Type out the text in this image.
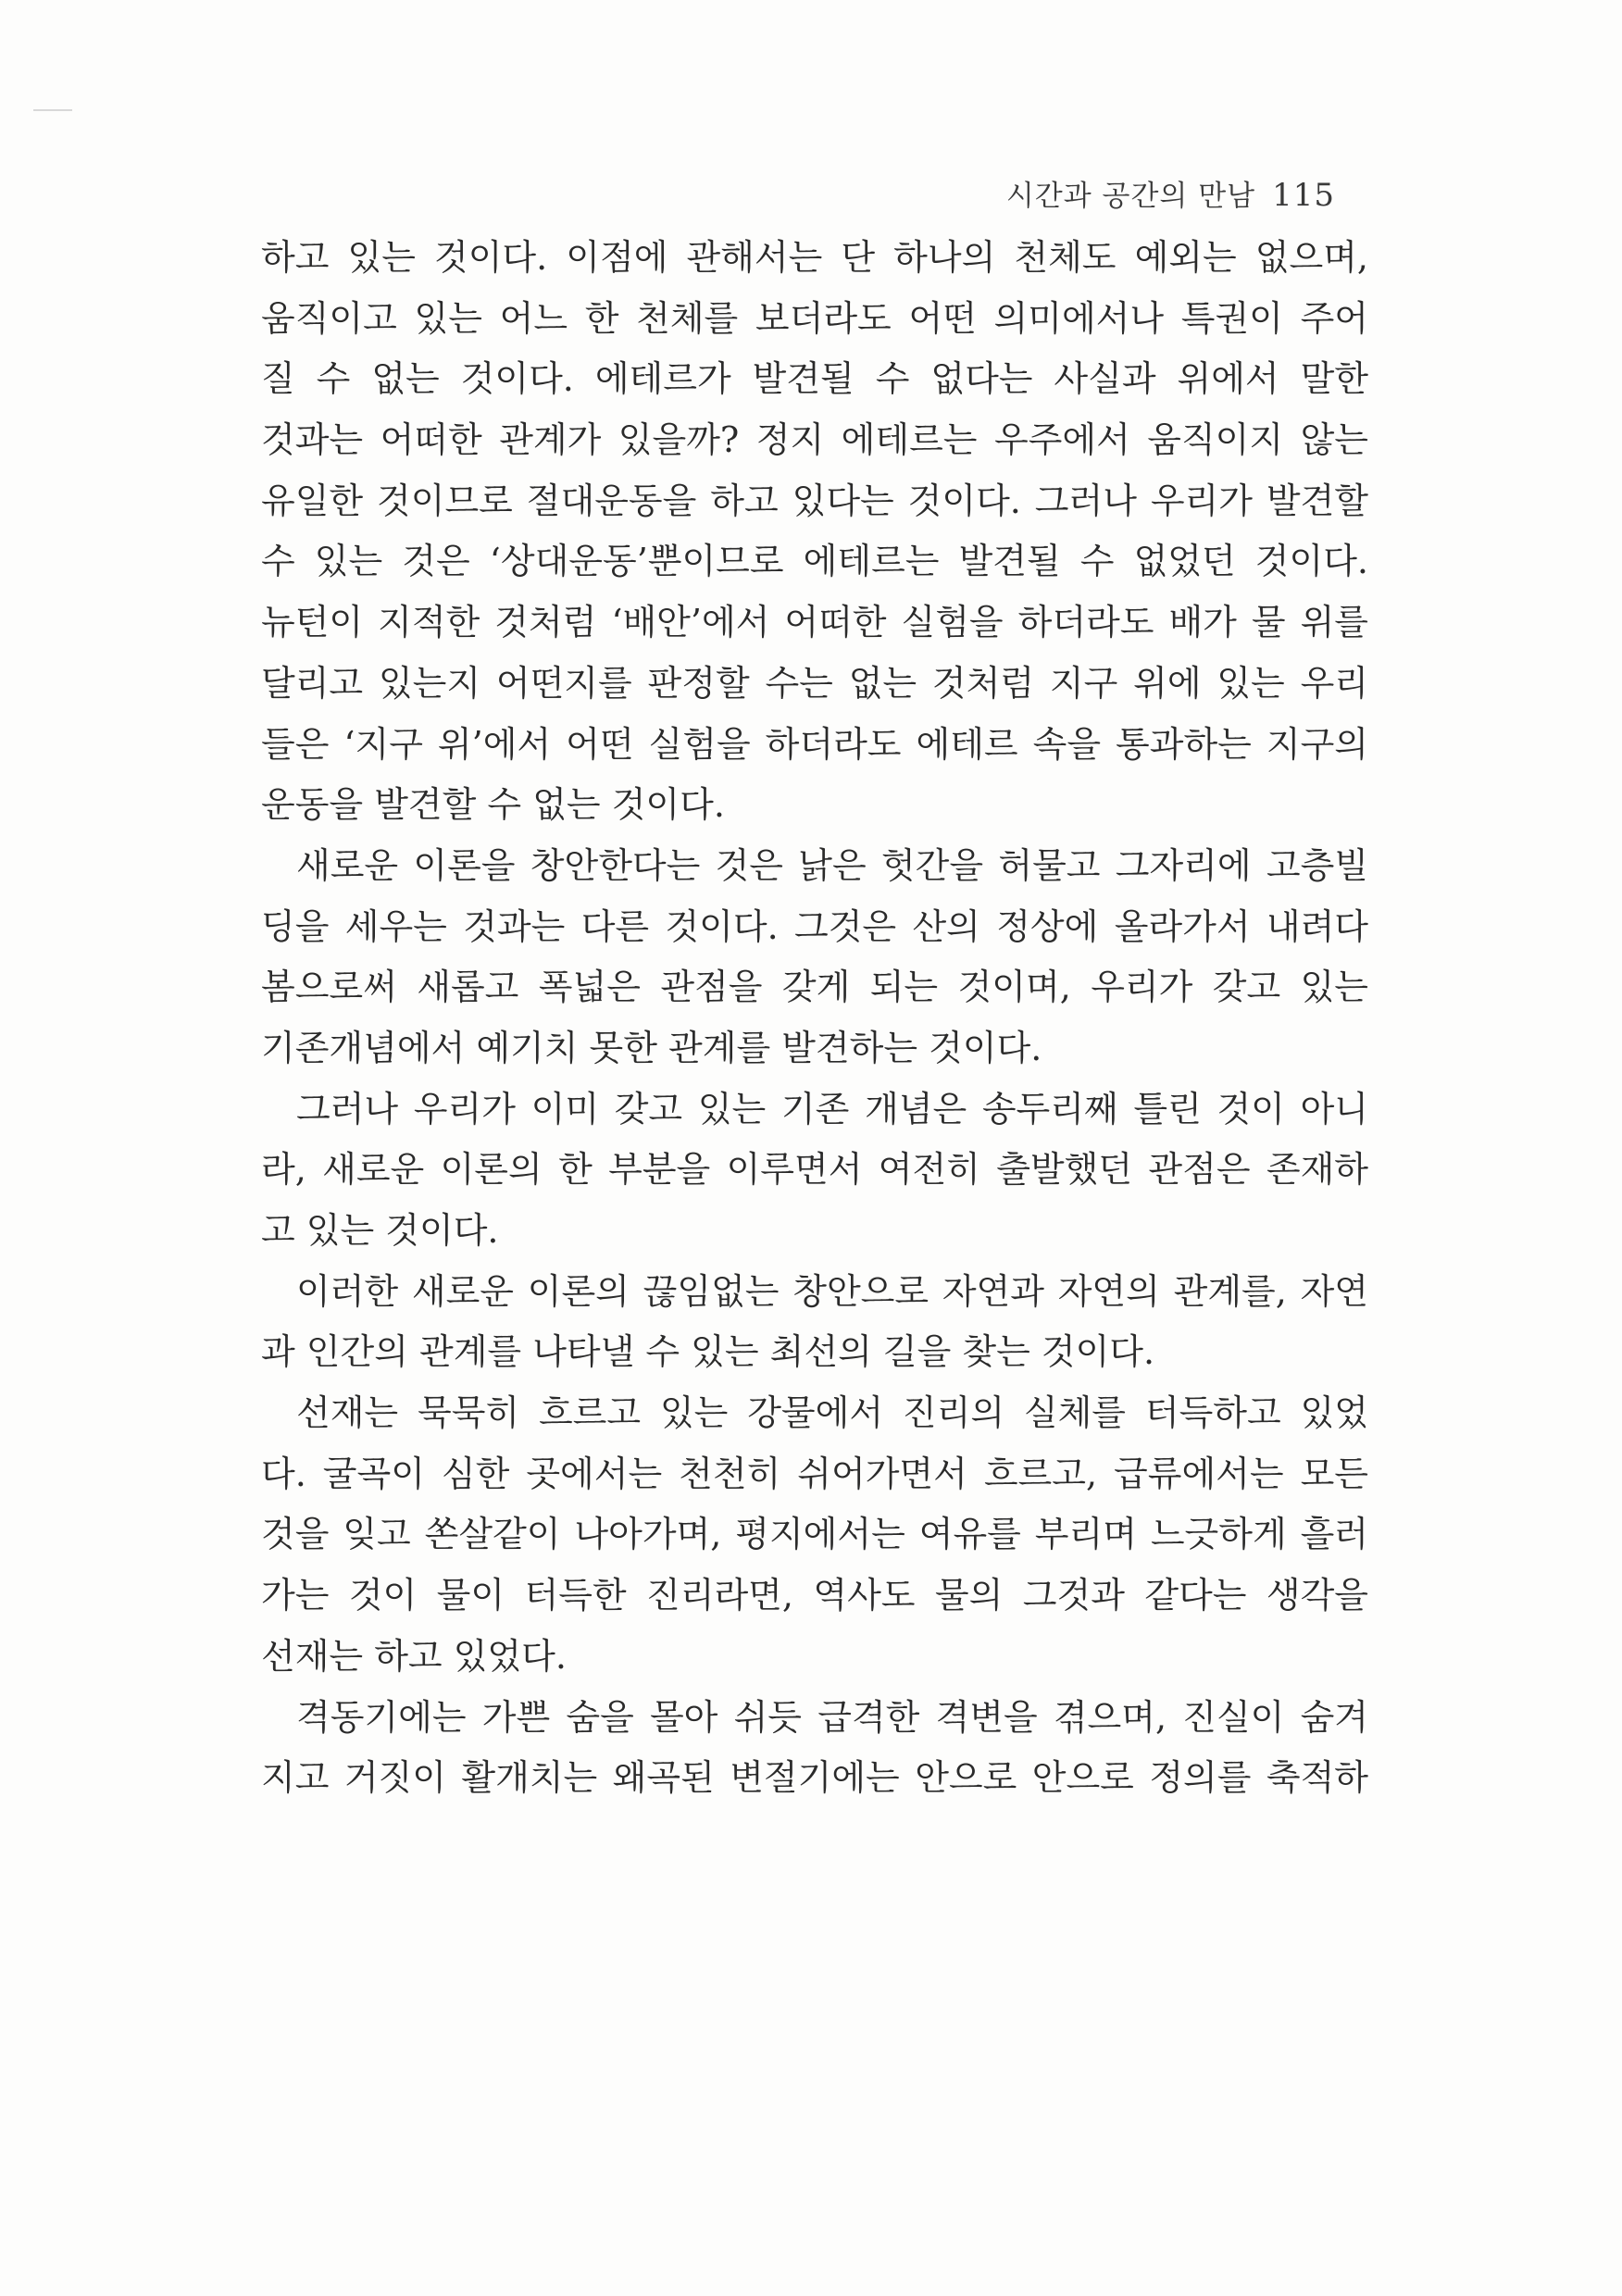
시간과 공간의 만남 115
하고 있는 것이다. 이점에 관해서는 단 하나의 천체도 예외는 없으며,
움직이고 있는 어느 한 천체를 보더라도 어떤 의미에서나 특권이 주어
질 수 없는 것이다. 에테르가 발견될 수 없다는 사실과 위에서 말한
것과는 어떠한 관계가 있을까? 정지 에테르는 우주에서 움직이지 않는
유일한 것이므로 절대운동을 하고 있다는 것이다. 그러나 우리가 발견할
수 있는 것은 ‘상대운동’뿐이므로 에테르는 발견될 수 없었던 것이다.
뉴턴이 지적한 것처럼 ‘배안’에서 어떠한 실험을 하더라도 배가 물 위를
달리고 있는지 어떤지를 판정할 수는 없는 것처럼 지구 위에 있는 우리
들은 ‘지구 위’에서 어떤 실험을 하더라도 에테르 속을 통과하는 지구의
운동을 발견할 수 없는 것이다.
새로운 이론을 창안한다는 것은 낡은 헛간을 허물고 그자리에 고층빌
딩을 세우는 것과는 다른 것이다. 그것은 산의 정상에 올라가서 내려다
봄으로써 새롭고 폭넓은 관점을 갖게 되는 것이며, 우리가 갖고 있는
기존개념에서 예기치 못한 관계를 발견하는 것이다.
그러나 우리가 이미 갖고 있는 기존 개념은 송두리째 틀린 것이 아니
라, 새로운 이론의 한 부분을 이루면서 여전히 출발했던 관점은 존재하
고 있는 것이다.
이러한 새로운 이론의 끊임없는 창안으로 자연과 자연의 관계를, 자연
과 인간의 관계를 나타낼 수 있는 최선의 길을 찾는 것이다.
선재는 묵묵히 흐르고 있는 강물에서 진리의 실체를 터득하고 있었
다. 굴곡이 심한 곳에서는 천천히 쉬어가면서 흐르고, 급류에서는 모든
것을 잊고 쏜살같이 나아가며, 평지에서는 여유를 부리며 느긋하게 흘러
가는 것이 물이 터득한 진리라면, 역사도 물의 그것과 같다는 생각을
선재는 하고 있었다.
격동기에는 가쁜 숨을 몰아 쉬듯 급격한 격변을 겪으며, 진실이 숨겨
지고 거짓이 활개치는 왜곡된 변절기에는 안으로 안으로 정의를 축적하
